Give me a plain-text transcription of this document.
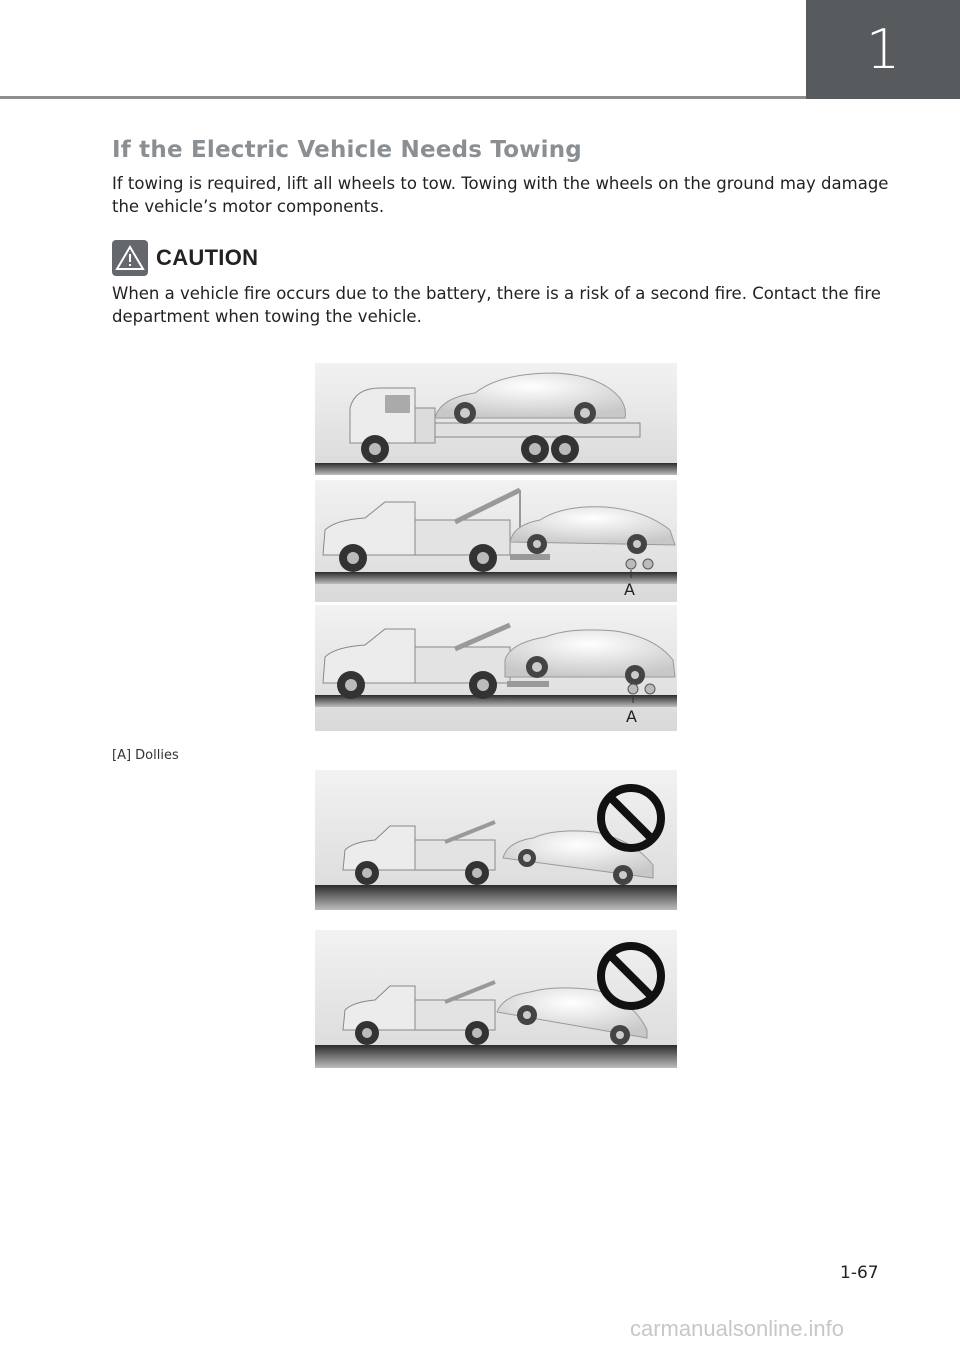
1
If the Electric Vehicle Needs Towing

If towing is required, lift all wheels to tow. Towing with the wheels on the ground may damage the vehicle’s motor components.

CAUTION

When a vehicle fire occurs due to the battery, there is a risk of a second fire. Contact the fire department when towing the vehicle.

A
A
[A] Dollies
1-67
carmanualsonline.info
